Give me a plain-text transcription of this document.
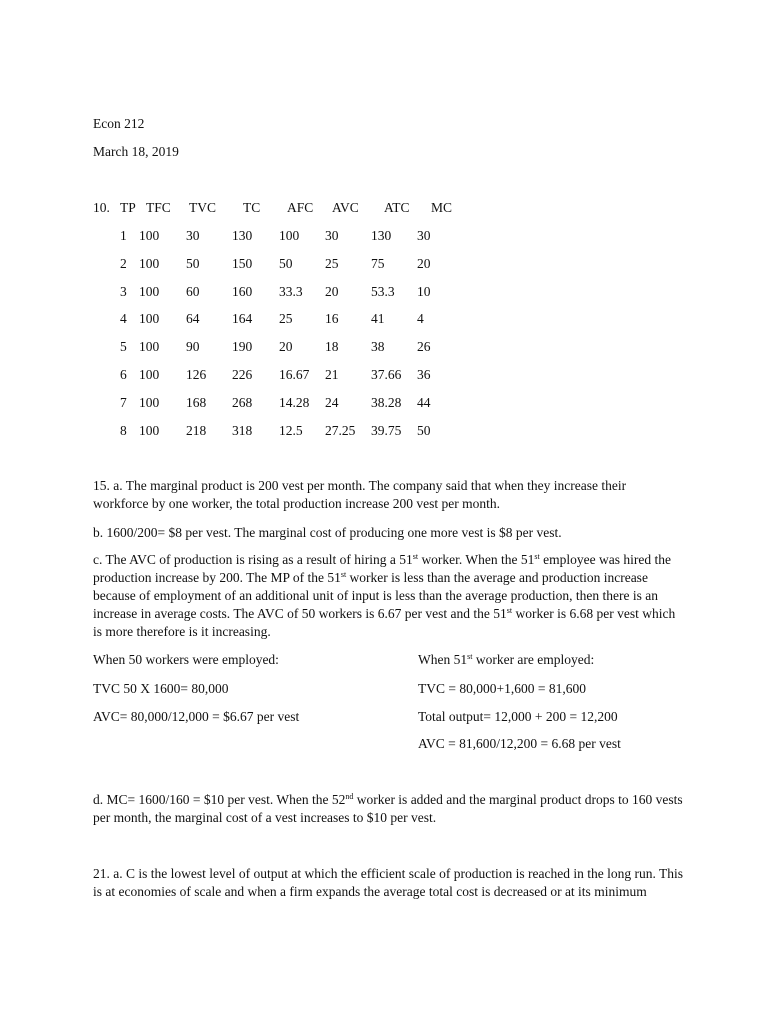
Econ 212
March 18, 2019
10. TP TFC TVC TC AFC AVC ATC MC
1 100 30 130 100 30 130 30
2 100 50 150 50 25 75 20
3 100 60 160 33.3 20 53.3 10
4 100 64 164 25 16 41 4
5 100 90 190 20 18 38 26
6 100 126 226 16.67 21 37.66 36
7 100 168 268 14.28 24 38.28 44
8 100 218 318 12.5 27.25 39.75 50
15. a. The marginal product is 200 vest per month. The company said that when they increase their workforce by one worker, the total production increase 200 vest per month.
b. 1600/200= $8 per vest. The marginal cost of producing one more vest is $8 per vest.
c. The AVC of production is rising as a result of hiring a 51st worker. When the 51st employee was hired the production increase by 200. The MP of the 51st worker is less than the average and production increase because of employment of an additional unit of input is less than the average production, then there is an increase in average costs. The AVC of 50 workers is 6.67 per vest and the 51st worker is 6.68 per vest which is more therefore is it increasing.
When 50 workers were employed:
TVC 50 X 1600= 80,000
AVC= 80,000/12,000 = $6.67 per vest
When 51st worker are employed:
TVC = 80,000+1,600 = 81,600
Total output= 12,000 + 200 = 12,200
AVC = 81,600/12,200 = 6.68 per vest
d. MC= 1600/160 = $10 per vest. When the 52nd worker is added and the marginal product drops to 160 vests per month, the marginal cost of a vest increases to $10 per vest.
21. a. C is the lowest level of output at which the efficient scale of production is reached in the long run. This is at economies of scale and when a firm expands the average total cost is decreased or at its minimum
